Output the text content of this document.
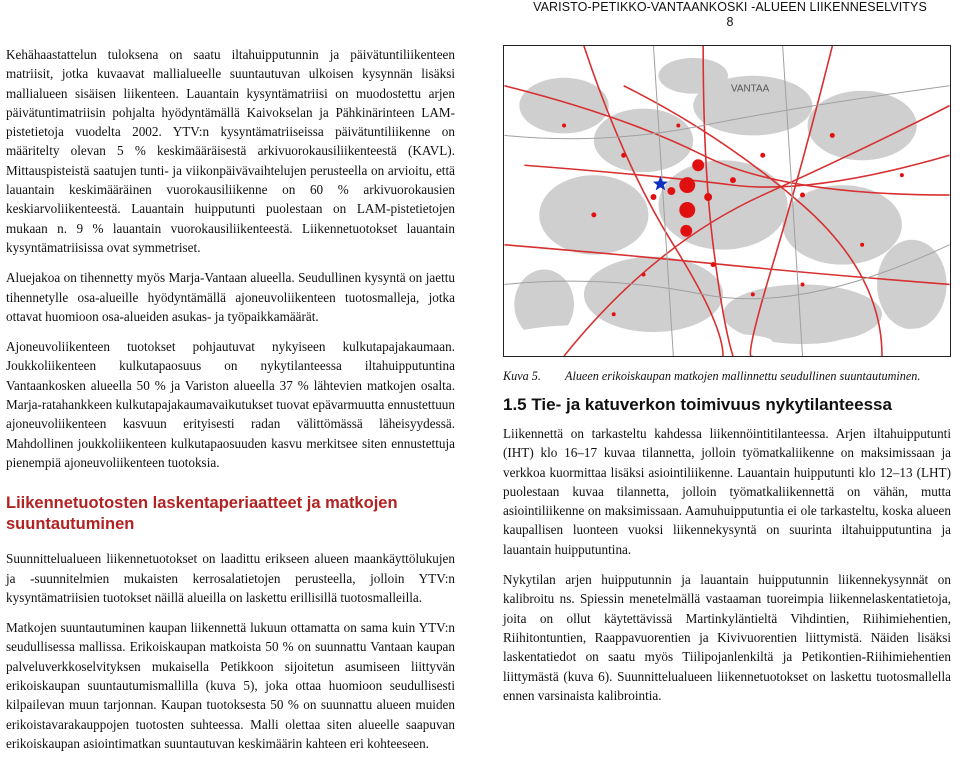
VARISTO-PETIKKO-VANTAANKOSKI -ALUEEN LIIKENNESELVITYS
8

Kehähaastattelun tuloksena on saatu iltahuipputunnin ja päivätuntiliikenteen matriisit, jotka kuvaavat mallialueelle suuntautuvan ulkoisen kysynnän lisäksi mallialueen sisäisen liikenteen. Lauantain kysyntämatriisi on muodostettu arjen päivätuntimatriisin pohjalta hyödyntämällä Kaivokselan ja Pähkinärinteen LAM-pistetietoja vuodelta 2002. YTV:n kysyntämatriiseissa päivätuntiliikenne on määritelty olevan 5 % keskimääräisestä arkivuorokausiliikenteestä (KAVL). Mittauspisteistä saatujen tunti- ja viikonpäivävaihtelujen perusteella on arvioitu, että lauantain keskimääräinen vuorokausiliikenne on 60 % arkivuorokausien keskiarvoliikenteestä. Lauantain huipputunti puolestaan on LAM-pistetietojen mukaan n. 9 % lauantain vuorokausiliikenteestä. Liikennetuotokset lauantain kysyntämatriisissa ovat symmetriset.

Aluejakoa on tihennetty myös Marja-Vantaan alueella. Seudullinen kysyntä on jaettu tihennetylle osa-alueille hyödyntämällä ajoneuvoliikenteen tuotosmalleja, jotka ottavat huomioon osa-alueiden asukas- ja työpaikkamäärät.

Ajoneuvoliikenteen tuotokset pohjautuvat nykyiseen kulkutapajakaumaan. Joukkoliikenteen kulkutapaosuus on nykytilanteessa iltahuipputuntina Vantaankosken alueella 50 % ja Variston alueella 37 % lähtevien matkojen osalta. Marja-ratahankkeen kulkutapajakaumavaikutukset tuovat epävarmuutta ennustettuun ajoneuvoliikenteen kasvuun erityisesti radan välittömässä läheisyydessä. Mahdollinen joukkoliikenteen kulkutapaosuuden kasvu merkitsee siten ennustettuja pienempiä ajoneuvoliikenteen tuotoksia.

Liikennetuotosten laskentaperiaatteet ja matkojen suuntautuminen

Suunnittelualueen liikennetuotokset on laadittu erikseen alueen maankäyttölukujen ja -suunnitelmien mukaisten kerrosalatietojen perusteella, jolloin YTV:n kysyntämatriisien tuotokset näillä alueilla on laskettu erillisillä tuotosmalleilla.

Matkojen suuntautuminen kaupan liikennettä lukuun ottamatta on sama kuin YTV:n seudullisessa mallissa. Erikoiskaupan matkoista 50 % on suunnattu Vantaan kaupan palveluverkkoselvityksen mukaisella Petikkoon sijoitetun asumiseen liittyvän erikoiskaupan suuntautumismallilla (kuva 5), joka ottaa huomioon seudullisesti kilpailevan muun tarjonnan. Kaupan tuotoksesta 50 % on suunnattu alueen muiden erikoistavarakauppojen tuotosten suhteessa. Malli olettaa siten alueelle saapuvan erikoiskaupan asiointimatkan suuntautuvan keskimäärin kahteen eri kohteeseen.

VANTAA
Kuva 5. Alueen erikoiskaupan matkojen mallinnettu seudullinen suuntautuminen.
1.5 Tie- ja katuverkon toimivuus nykytilanteessa

Liikennettä on tarkasteltu kahdessa liikennöintitilanteessa. Arjen iltahuipputunti (IHT) klo 16–17 kuvaa tilannetta, jolloin työmatkaliikenne on maksimissaan ja verkkoa kuormittaa lisäksi asiointiliikenne. Lauantain huipputunti klo 12–13 (LHT) puolestaan kuvaa tilannetta, jolloin työmatkaliikennettä on vähän, mutta asiointiliikenne on maksimissaan. Aamuhuipputuntia ei ole tarkasteltu, koska alueen kaupallisen luonteen vuoksi liikennekysyntä on suurinta iltahuipputuntina ja lauantain huipputuntina.

Nykytilan arjen huipputunnin ja lauantain huipputunnin liikennekysynnät on kalibroitu ns. Spiessin menetelmällä vastaaman tuoreimpia liikennelaskentatietoja, joita on ollut käytettävissä Martinkyläntieltä Vihdintien, Riihimiehentien, Riihitontuntien, Raappavuorentien ja Kivivuorentien liittymistä. Näiden lisäksi laskentatiedot on saatu myös Tiilipojanlenkiltä ja Petikontien-Riihimiehentien liittymästä (kuva 6). Suunnittelualueen liikennetuotokset on laskettu tuotosmallella ennen varsinaista kalibrointia.
